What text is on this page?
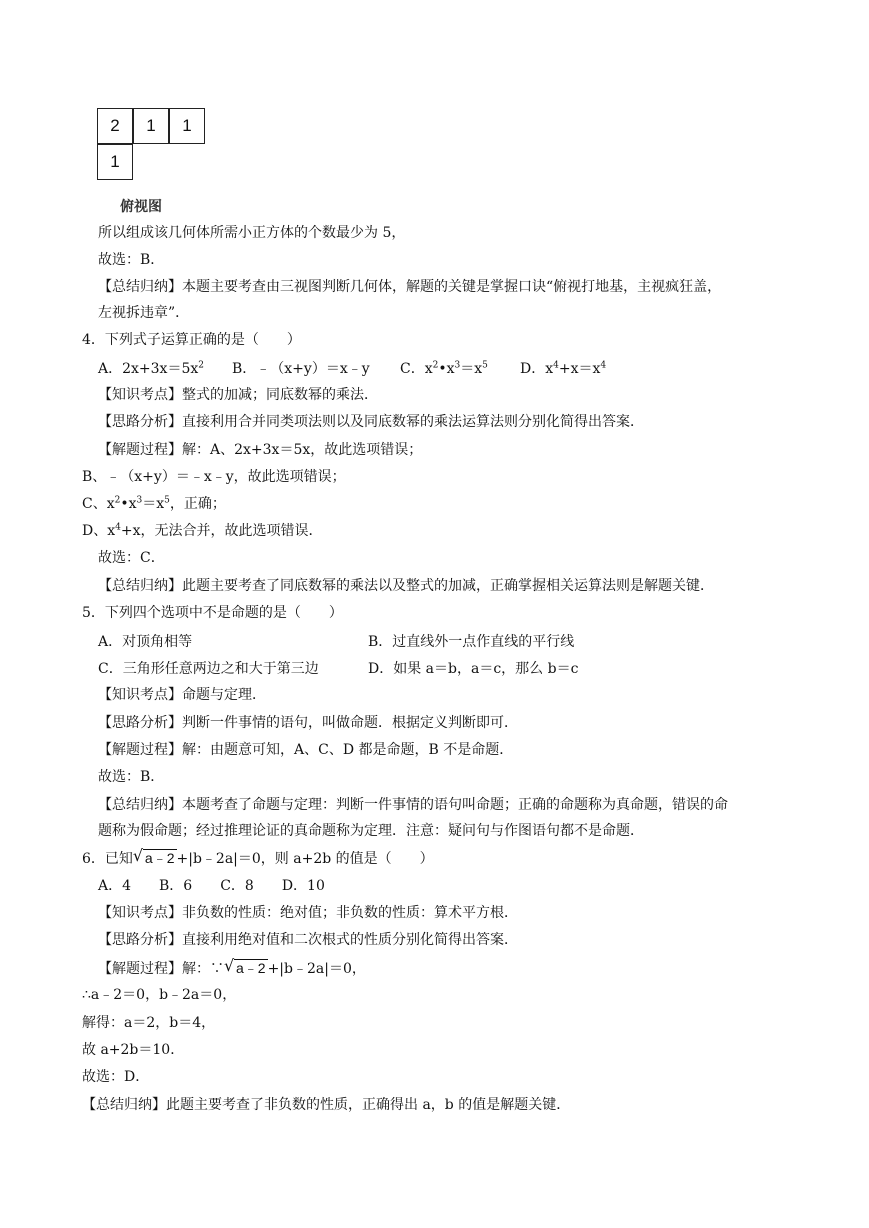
2	1	1
1
俯视图
所以组成该几何体所需小正方体的个数最少为 5，
故选：B．
【总结归纳】本题主要考查由三视图判断几何体，解题的关键是掌握口诀“俯视打地基，主视疯狂盖，
左视拆违章”．
4．下列式子运算正确的是（　　）
A．$2x+3x=5x^2$ B．﹣（x+y）＝x﹣y C．$x^2•x^3=x^5$ D．$x^4+x=x^4$
【知识考点】整式的加减；同底数幂的乘法．
【思路分析】直接利用合并同类项法则以及同底数幂的乘法运算法则分别化简得出答案．
【解题过程】解：A、2x+3x＝5x，故此选项错误；
B、﹣（x+y）＝﹣x﹣y，故此选项错误；
C、$x^2•x^3=x^5$，正确；
D、$x^4+x$，无法合并，故此选项错误．
故选：C．
【总结归纳】此题主要考查了同底数幂的乘法以及整式的加减，正确掌握相关运算法则是解题关键．
5．下列四个选项中不是命题的是（　　）
A．对顶角相等	B．过直线外一点作直线的平行线
C．三角形任意两边之和大于第三边	D．如果 a＝b，a＝c，那么 b＝c
【知识考点】命题与定理．
【思路分析】判断一件事情的语句，叫做命题．根据定义判断即可．
【解题过程】解：由题意可知，A、C、D 都是命题，B 不是命题．
故选：B．
【总结归纳】本题考查了命题与定理：判断一件事情的语句叫命题；正确的命题称为真命题，错误的命
题称为假命题；经过推理论证的真命题称为定理．注意：疑问句与作图语句都不是命题．
6．已知 √ a﹣2 +|b﹣2a|＝0，则 a+2b 的值是（　　）
A．4　　B．6　　C．8　　D．10
【知识考点】非负数的性质：绝对值；非负数的性质：算术平方根．
【思路分析】直接利用绝对值和二次根式的性质分别化简得出答案．
【解题过程】解：∵ √ a﹣2 +|b﹣2a|＝0，
∴a﹣2＝0，b﹣2a＝0，
解得：a＝2，b＝4，
故 a+2b＝10．
故选：D．
【总结归纳】此题主要考查了非负数的性质，正确得出 a，b 的值是解题关键．
